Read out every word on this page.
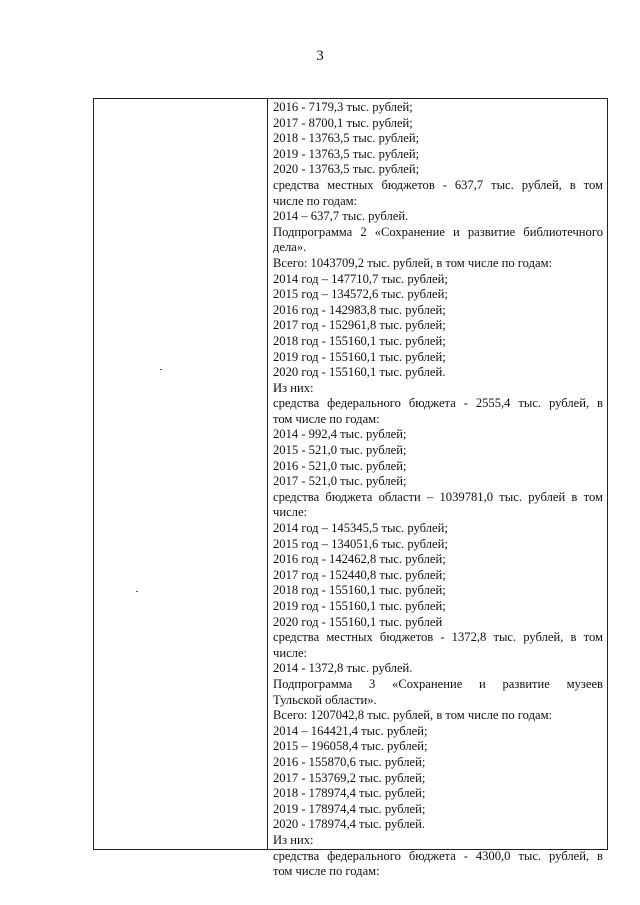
3
2016 - 7179,3 тыс. рублей;
2017 - 8700,1 тыс. рублей;
2018 - 13763,5 тыс. рублей;
2019 - 13763,5 тыс. рублей;
2020 - 13763,5 тыс. рублей;
средства местных бюджетов - 637,7 тыс. рублей, в том
числе по годам:
2014 – 637,7 тыс. рублей.
Подпрограмма 2 «Сохранение и развитие библиотечного
дела».
Всего: 1043709,2 тыс. рублей, в том числе по годам:
2014 год – 147710,7 тыс. рублей;
2015 год – 134572,6 тыс. рублей;
2016 год - 142983,8 тыс. рублей;
2017 год - 152961,8 тыс. рублей;
2018 год - 155160,1 тыс. рублей;
2019 год - 155160,1 тыс. рублей;
2020 год - 155160,1 тыс. рублей.
Из них:
средства федерального бюджета - 2555,4 тыс. рублей, в
том числе по годам:
2014 - 992,4 тыс. рублей;
2015 - 521,0 тыс. рублей;
2016 - 521,0 тыс. рублей;
2017 - 521,0 тыс. рублей;
средства бюджета области – 1039781,0 тыс. рублей в том
числе:
2014 год – 145345,5 тыс. рублей;
2015 год – 134051,6 тыс. рублей;
2016 год - 142462,8 тыс. рублей;
2017 год - 152440,8 тыс. рублей;
2018 год - 155160,1 тыс. рублей;
2019 год - 155160,1 тыс. рублей;
2020 год - 155160,1 тыс. рублей
средства местных бюджетов - 1372,8 тыс. рублей, в том
числе:
2014 - 1372,8 тыс. рублей.
Подпрограмма 3 «Сохранение и развитие музеев
Тульской области».
Всего: 1207042,8 тыс. рублей, в том числе по годам:
2014 – 164421,4 тыс. рублей;
2015 – 196058,4 тыс. рублей;
2016 - 155870,6 тыс. рублей;
2017 - 153769,2 тыс. рублей;
2018 - 178974,4 тыс. рублей;
2019 - 178974,4 тыс. рублей;
2020 - 178974,4 тыс. рублей.
Из них:
средства федерального бюджета - 4300,0 тыс. рублей, в
том числе по годам:
